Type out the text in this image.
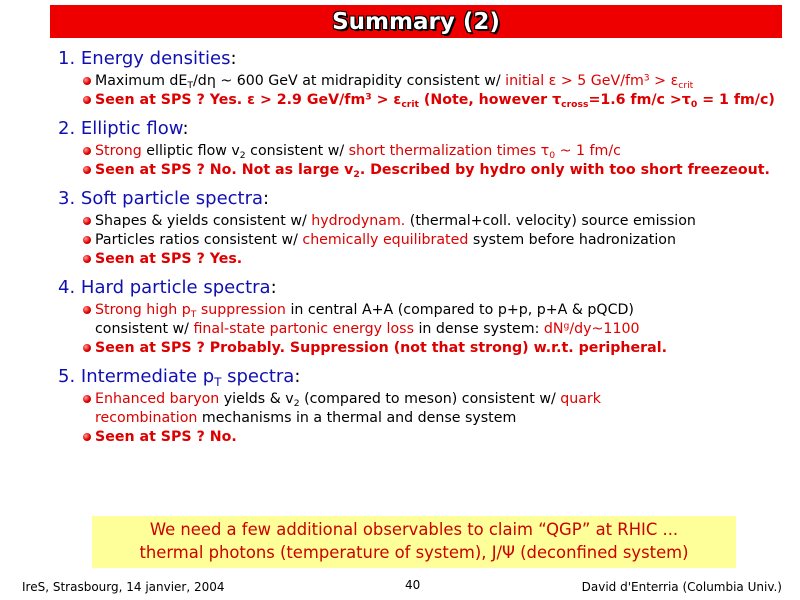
Summary (2)
1. Energy densities:
Maximum $dE_T/d\eta$ ~ 600 GeV at midrapidity consistent w/ initial ε > 5 GeV/$fm^3 > \varepsilon_{crit}$
Seen at SPS ? Yes. ε > 2.9 GeV/$fm^3 > \varepsilon_{crit}$ (Note, however $\tau_{cross}=1.6$ $fm/c >\tau_0 = 1$ fm/c)
2. Elliptic flow:
Strong elliptic flow $v_2$ consistent w/ short thermalization times $\tau_0$ ~ 1 fm/c
Seen at SPS ? No. Not as large $v_2$. Described by hydro only with too short freezeout.
3. Soft particle spectra:
Shapes & yields consistent w/ hydrodynam. (thermal+coll. velocity) source emission
Particles ratios consistent w/ chemically equilibrated system before hadronization
Seen at SPS ? Yes.
4. Hard particle spectra:
Strong high $p_T$ suppression in central A+A (compared to p+p, p+A & pQCD)
consistent w/ final-state partonic energy loss in dense system: $dN^g/dy\sim 1100$
Seen at SPS ? Probably. Suppression (not that strong) w.r.t. peripheral.
5. Intermediate $p_T$ spectra:
Enhanced baryon yields & $v_2$ (compared to meson) consistent w/ quark
recombination mechanisms in a thermal and dense system
Seen at SPS ? No.
We need a few additional observables to claim “QGP” at RHIC ...
thermal photons (temperature of system), J/Ψ (deconfined system)
IreS, Strasbourg, 14 janvier, 2004	40	David d'Enterria (Columbia Univ.)
